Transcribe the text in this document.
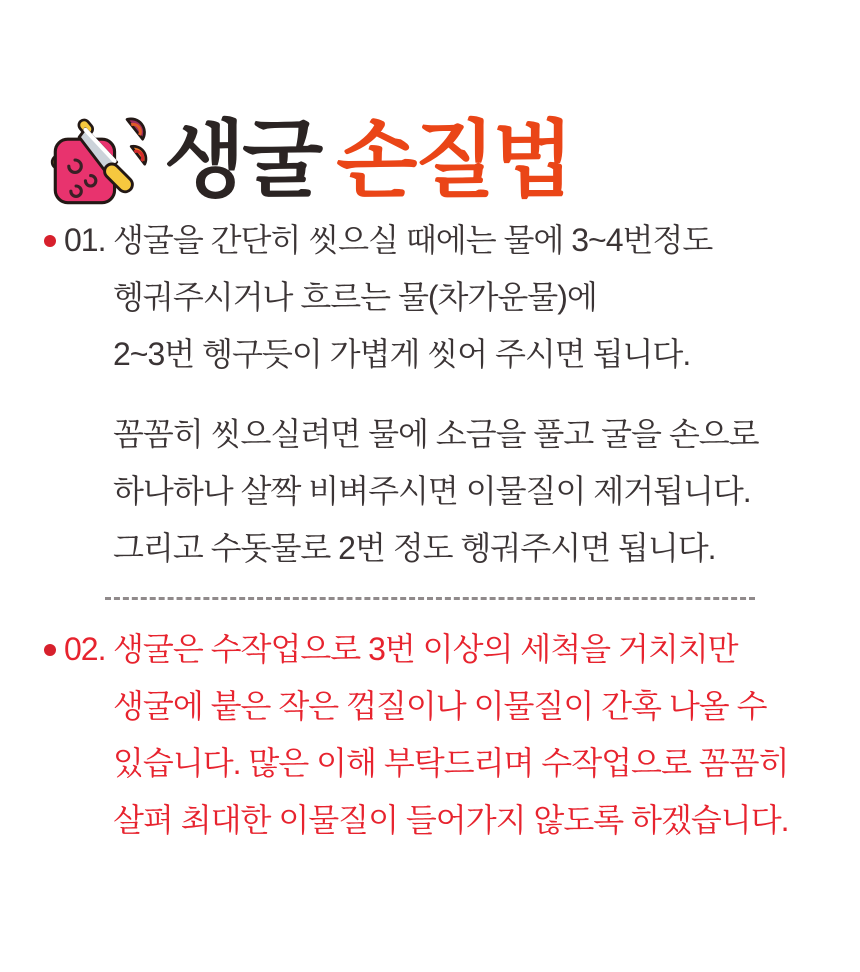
생굴 손질법
01. 생굴을 간단히 씻으실 때에는 물에 3~4번정도
헹궈주시거나 흐르는 물(차가운물)에
2~3번 헹구듯이 가볍게 씻어 주시면 됩니다.
꼼꼼히 씻으실려면 물에 소금을 풀고 굴을 손으로
하나하나 살짝 비벼주시면 이물질이 제거됩니다.
그리고 수돗물로 2번 정도 헹궈주시면 됩니다.
02. 생굴은 수작업으로 3번 이상의 세척을 거치치만
생굴에 붙은 작은 껍질이나 이물질이 간혹 나올 수
있습니다. 많은 이해 부탁드리며 수작업으로 꼼꼼히
살펴 최대한 이물질이 들어가지 않도록 하겠습니다.
